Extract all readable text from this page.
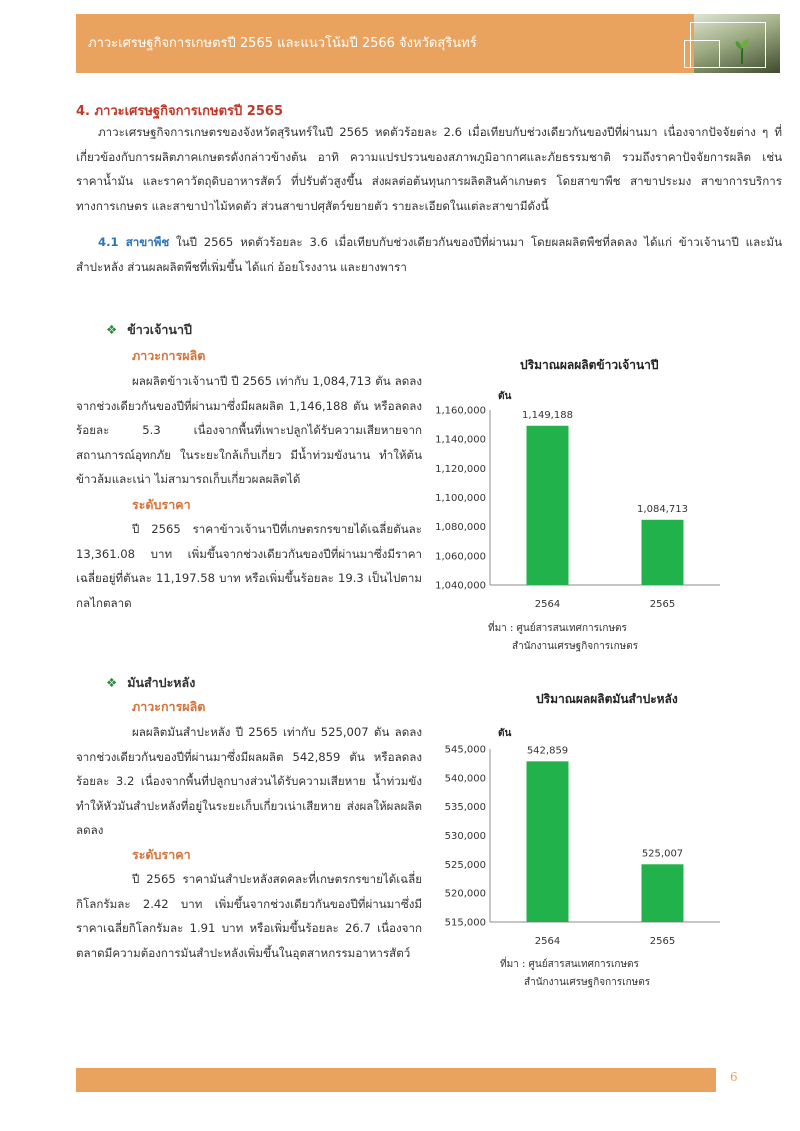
ภาวะเศรษฐกิจการเกษตรปี 2565 และแนวโน้มปี 2566 จังหวัดสุรินทร์
4. ภาวะเศรษฐกิจการเกษตรปี 2565
ภาวะเศรษฐกิจการเกษตรของจังหวัดสุรินทร์ในปี 2565 หดตัวร้อยละ 2.6 เมื่อเทียบกับช่วงเดียวกันของปีที่ผ่านมา เนื่องจากปัจจัยต่าง ๆ ที่เกี่ยวข้องกับการผลิตภาคเกษตรดังกล่าวข้างต้น อาทิ ความแปรปรวนของสภาพภูมิอากาศและภัยธรรมชาติ รวมถึงราคาปัจจัยการผลิต เช่น ราคาน้ำมัน และราคาวัตถุดิบอาหารสัตว์ ที่ปรับตัวสูงขึ้น ส่งผลต่อต้นทุนการผลิตสินค้าเกษตร โดยสาขาพืช สาขาประมง สาขาการบริการทางการเกษตร และสาขาป่าไม้หดตัว ส่วนสาขาปศุสัตว์ขยายตัว รายละเอียดในแต่ละสาขามีดังนี้
4.1 สาขาพืช ในปี 2565 หดตัวร้อยละ 3.6 เมื่อเทียบกับช่วงเดียวกันของปีที่ผ่านมา โดยผลผลิตพืชที่ลดลง ได้แก่ ข้าวเจ้านาปี และมันสำปะหลัง ส่วนผลผลิตพืชที่เพิ่มขึ้น ได้แก่ อ้อยโรงงาน และยางพารา
❖ ข้าวเจ้านาปี
ภาวะการผลิต
ผลผลิตข้าวเจ้านาปี ปี 2565 เท่ากับ 1,084,713 ตัน ลดลงจากช่วงเดียวกันของปีที่ผ่านมาซึ่งมีผลผลิต 1,146,188 ตัน หรือลดลงร้อยละ 5.3 เนื่องจากพื้นที่เพาะปลูกได้รับความเสียหายจากสถานการณ์อุทกภัย ในระยะใกล้เก็บเกี่ยว มีน้ำท่วมขังนาน ทำให้ต้นข้าวล้มและเน่า ไม่สามารถเก็บเกี่ยวผลผลิตได้
ระดับราคา
ปี 2565 ราคาข้าวเจ้านาปีที่เกษตรกรขายได้เฉลี่ยตันละ 13,361.08 บาท เพิ่มขึ้นจากช่วงเดียวกันของปีที่ผ่านมาซึ่งมีราคาเฉลี่ยอยู่ที่ตันละ 11,197.58 บาท หรือเพิ่มขึ้นร้อยละ 19.3 เป็นไปตามกลไกตลาด
ปริมาณผลผลิตข้าวเจ้านาปี
ตัน
1,040,000
1,060,000
1,080,000
1,100,000
1,120,000
1,140,000
1,160,000	1,149,188
2564
1,084,713
2565
ที่มา : ศูนย์สารสนเทศการเกษตร
สำนักงานเศรษฐกิจการเกษตร
❖ มันสำปะหลัง
ภาวะการผลิต
ผลผลิตมันสำปะหลัง ปี 2565 เท่ากับ 525,007 ตัน ลดลงจากช่วงเดียวกันของปีที่ผ่านมาซึ่งมีผลผลิต 542,859 ตัน หรือลดลงร้อยละ 3.2 เนื่องจากพื้นที่ปลูกบางส่วนได้รับความเสียหาย น้ำท่วมขัง ทำให้หัวมันสำปะหลังที่อยู่ในระยะเก็บเกี่ยวเน่าเสียหาย ส่งผลให้ผลผลิตลดลง
ระดับราคา
ปี 2565 ราคามันสำปะหลังสดคละที่เกษตรกรขายได้เฉลี่ยกิโลกรัมละ 2.42 บาท เพิ่มขึ้นจากช่วงเดียวกันของปีที่ผ่านมาซึ่งมีราคาเฉลี่ยกิโลกรัมละ 1.91 บาท หรือเพิ่มขึ้นร้อยละ 26.7 เนื่องจากตลาดมีความต้องการมันสำปะหลังเพิ่มขึ้นในอุตสาหกรรมอาหารสัตว์
ปริมาณผลผลิตมันสำปะหลัง
ตัน
515,000
520,000
525,000
530,000
535,000
540,000
545,000	542,859
2564
525,007
2565
ที่มา : ศูนย์สารสนเทศการเกษตร
สำนักงานเศรษฐกิจการเกษตร
6
